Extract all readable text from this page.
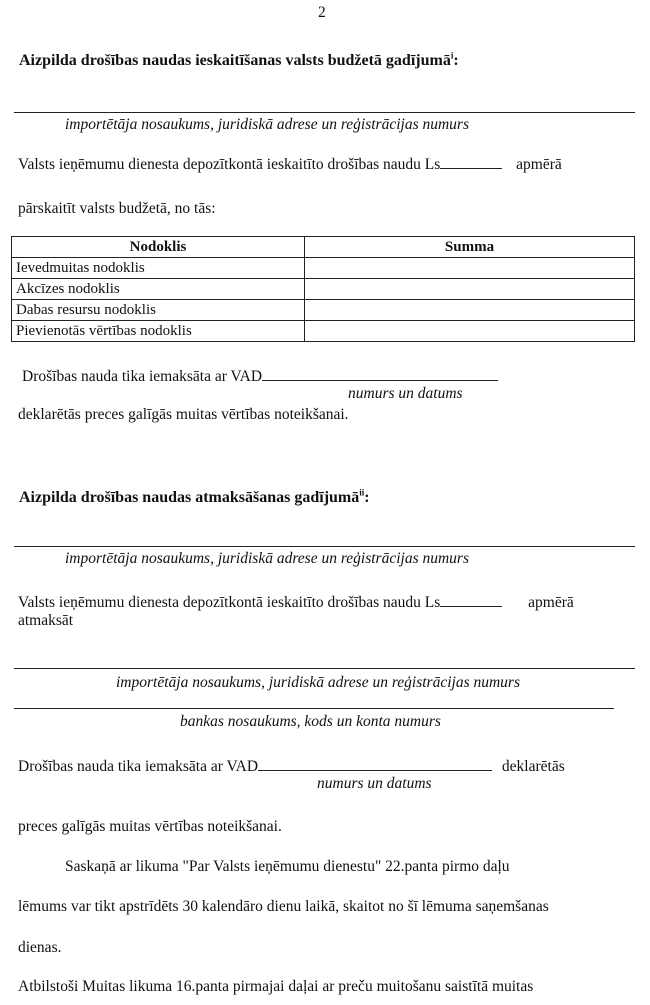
2
Aizpilda drošības naudas ieskaitīšanas valsts budžetā gadījumā$^i$:
importētāja nosaukums, juridiskā adrese un reģistrācijas numurs
Valsts ieņēmumu dienesta depozītkontā ieskaitīto drošības naudu Ls	apmērā
pārskaitīt valsts budžetā, no tās:
Nodoklis	Summa
Ievedmuitas nodoklis	
Akcīzes nodoklis	
Dabas resursu nodoklis	
Pievienotās vērtības nodoklis	
Drošības nauda tika iemaksāta ar VAD
numurs un datums
deklarētās preces galīgās muitas vērtības noteikšanai.
Aizpilda drošības naudas atmaksāšanas gadījumā$^{ii}$:
importētāja nosaukums, juridiskā adrese un reģistrācijas numurs
Valsts ieņēmumu dienesta depozītkontā ieskaitīto drošības naudu Ls	apmērā
atmaksāt
importētāja nosaukums, juridiskā adrese un reģistrācijas numurs
bankas nosaukums, kods un konta numurs
Drošības nauda tika iemaksāta ar VAD	deklarētās
numurs un datums
preces galīgās muitas vērtības noteikšanai.
Saskaņā ar likuma "Par Valsts ieņēmumu dienestu" 22.panta pirmo daļu
lēmums var tikt apstrīdēts 30 kalendāro dienu laikā, skaitot no šī lēmuma saņemšanas
dienas.
Atbilstoši Muitas likuma 16.panta pirmajai daļai ar preču muitošanu saistītā muitas
